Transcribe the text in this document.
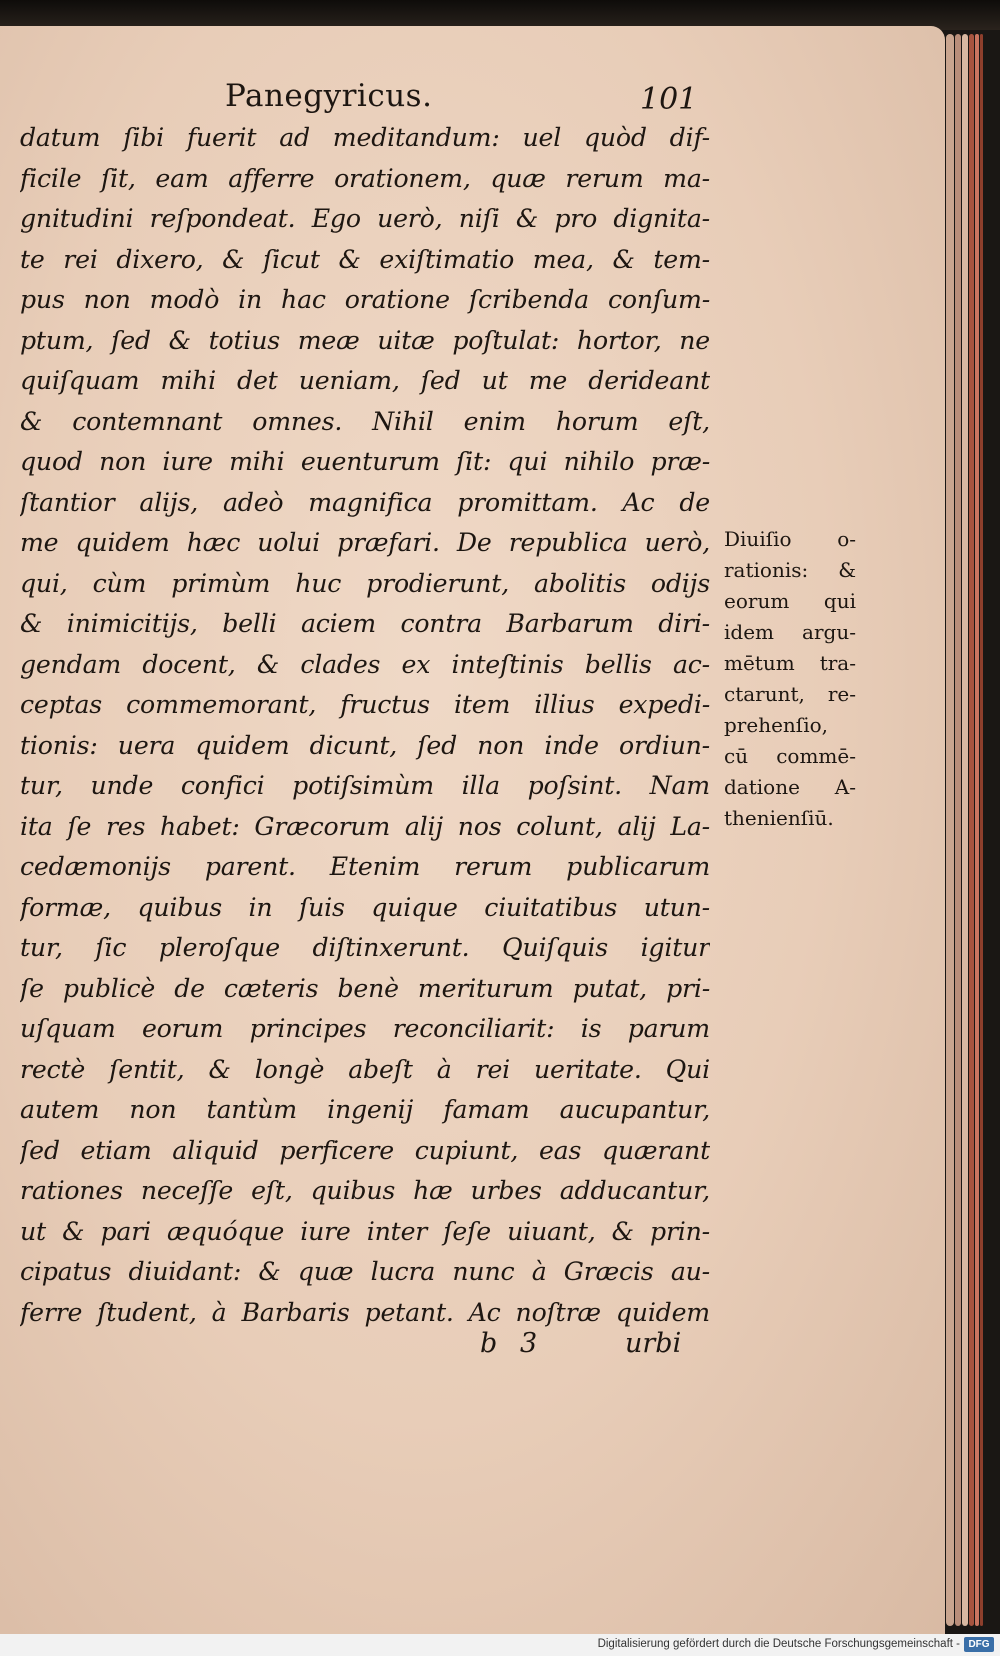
Panegyricus.	101
datum ſibi fuerit ad meditandum: uel quòd dif-
ficile ſit, eam afferre orationem, quæ rerum ma-
gnitudini reſpondeat. Ego uerò, niſi & pro dignita-
te rei dixero, & ſicut & exiſtimatio mea, & tem-
pus non modò in hac oratione ſcribenda conſum-
ptum, ſed & totius meæ uitæ poſtulat: hortor, ne
quiſquam mihi det ueniam, ſed ut me derideant
& contemnant omnes. Nihil enim horum eſt,
quod non iure mihi euenturum ſit: qui nihilo præ-
ſtantior alijs, adeò magnifica promittam. Ac de
me quidem hæc uolui præfari. De republica uerò,
qui, cùm primùm huc prodierunt, abolitis odijs
& inimicitijs, belli aciem contra Barbarum diri-
gendam docent, & clades ex inteſtinis bellis ac-
ceptas commemorant, fructus item illius expedi-
tionis: uera quidem dicunt, ſed non inde ordiun-
tur, unde confici potiſsimùm illa poſsint. Nam
ita ſe res habet: Græcorum alij nos colunt, alij La-
cedæmonijs parent. Etenim rerum publicarum
formæ, quibus in ſuis quique ciuitatibus utun-
tur, ſic pleroſque diſtinxerunt. Quiſquis igitur
ſe publicè de cæteris benè meriturum putat, pri-
uſquam eorum principes reconciliarit: is parum
rectè ſentit, & longè abeſt à rei ueritate. Qui
autem non tantùm ingenij famam aucupantur,
ſed etiam aliquid perficere cupiunt, eas quærant
rationes neceſſe eſt, quibus hæ urbes adducantur,
ut & pari æquóque iure inter ſeſe uiuant, & prin-
cipatus diuidant: & quæ lucra nunc à Græcis au-
ferre ſtudent, à Barbaris petant. Ac noſtræ quidem
Diuiſio o-
rationis: &
eorum qui
idem argu-
mētum tra-
ctarunt, re-
prehenſio,
cū commē-
datione A-
thenienſiū.
b 3	urbi
Digitalisierung gefördert durch die Deutsche Forschungsgemeinschaft - DFG
